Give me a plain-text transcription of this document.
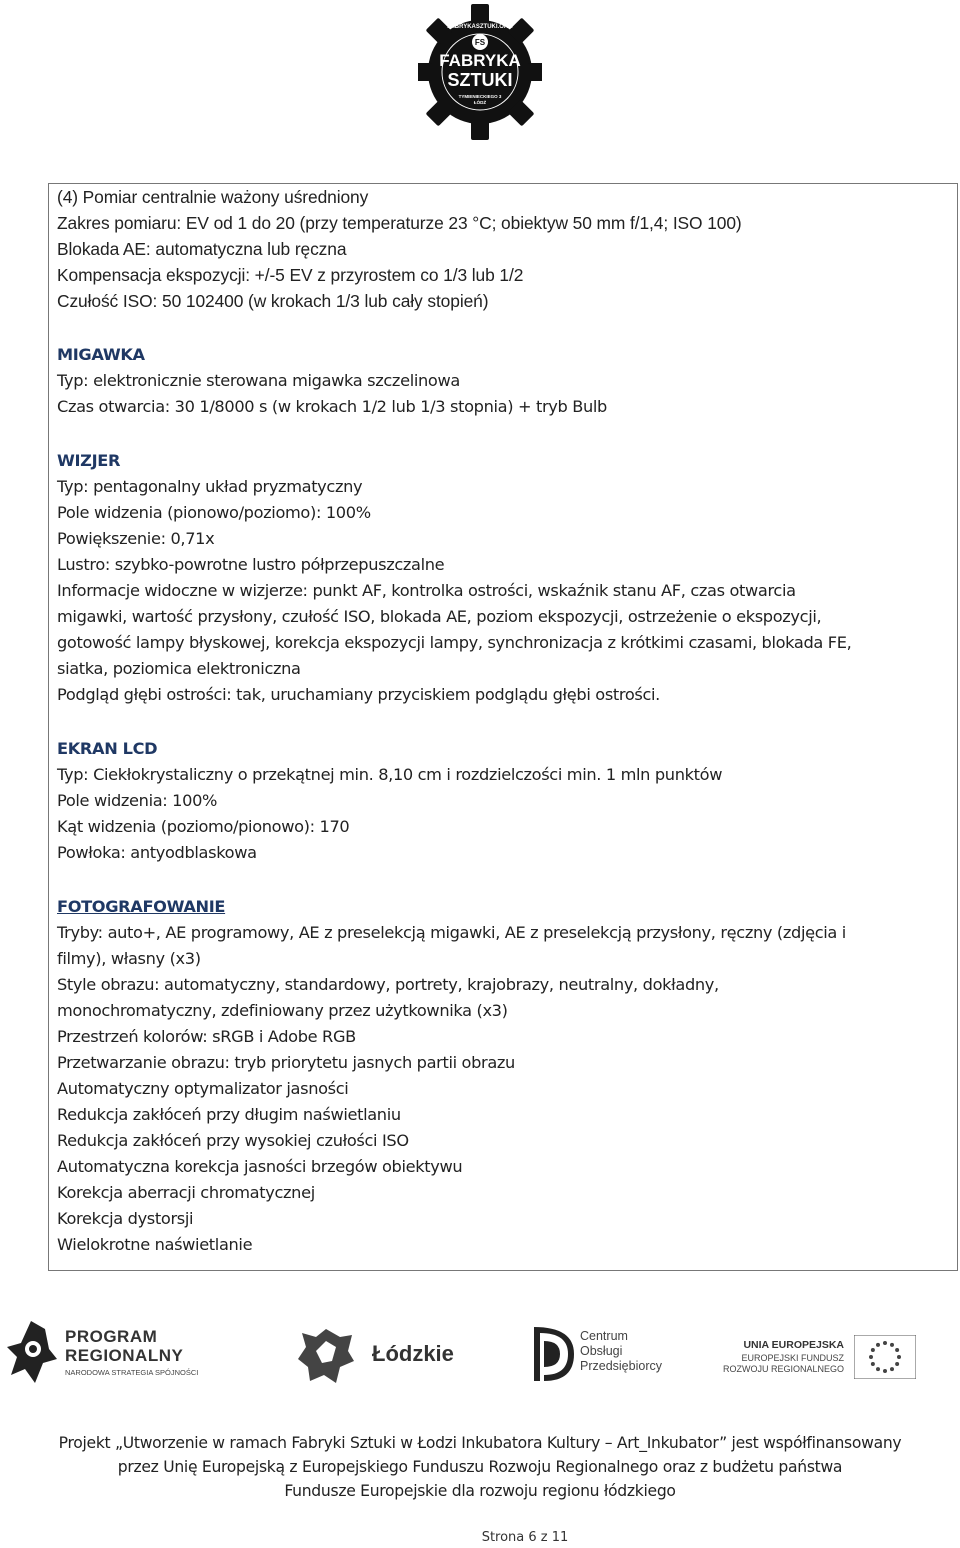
FS
FABRYKASZTUKI.ORG
FABRYKA
SZTUKI
TYMIENIECKIEGO 3
ŁÓDŹ
(4) Pomiar centralnie ważony uśredniony
Zakres pomiaru: EV od 1 do 20 (przy temperaturze 23 °C; obiektyw 50 mm f/1,4; ISO 100)
Blokada AE: automatyczna lub ręczna
Kompensacja ekspozycji: +/-5 EV z przyrostem co 1/3 lub 1/2
Czułość ISO: 50 102400 (w krokach 1/3 lub cały stopień)
MIGAWKA
Typ: elektronicznie sterowana migawka szczelinowa
Czas otwarcia: 30 1/8000 s (w krokach 1/2 lub 1/3 stopnia) + tryb Bulb
WIZJER
Typ: pentagonalny układ pryzmatyczny
Pole widzenia (pionowo/poziomo): 100%
Powiększenie: 0,71x
Lustro: szybko-powrotne lustro półprzepuszczalne
Informacje widoczne w wizjerze: punkt AF, kontrolka ostrości, wskaźnik stanu AF, czas otwarcia
migawki, wartość przysłony, czułość ISO, blokada AE, poziom ekspozycji, ostrzeżenie o ekspozycji,
gotowość lampy błyskowej, korekcja ekspozycji lampy, synchronizacja z krótkimi czasami, blokada FE,
siatka, poziomica elektroniczna
Podgląd głębi ostrości: tak, uruchamiany przyciskiem podglądu głębi ostrości.
EKRAN LCD
Typ: Ciekłokrystaliczny o przekątnej min. 8,10 cm i rozdzielczości min. 1 mln punktów
Pole widzenia: 100%
Kąt widzenia (poziomo/pionowo): 170
Powłoka: antyodblaskowa
FOTOGRAFOWANIE
Tryby: auto+, AE programowy, AE z preselekcją migawki, AE z preselekcją przysłony, ręczny (zdjęcia i
filmy), własny (x3)
Style obrazu: automatyczny, standardowy, portrety, krajobrazy, neutralny, dokładny,
monochromatyczny, zdefiniowany przez użytkownika (x3)
Przestrzeń kolorów: sRGB i Adobe RGB
Przetwarzanie obrazu: tryb priorytetu jasnych partii obrazu
Automatyczny optymalizator jasności
Redukcja zakłóceń przy długim naświetlaniu
Redukcja zakłóceń przy wysokiej czułości ISO
Automatyczna korekcja jasności brzegów obiektywu
Korekcja aberracji chromatycznej
Korekcja dystorsji
Wielokrotne naświetlanie
PROGRAM
REGIONALNY
NARODOWA STRATEGIA SPÓJNOŚCI
Łódzkie
Centrum
Obsługi
Przedsiębiorcy
UNIA EUROPEJSKA
EUROPEJSKI FUNDUSZ
ROZWOJU REGIONALNEGO
Projekt „Utworzenie w ramach Fabryki Sztuki w Łodzi Inkubatora Kultury – Art_Inkubator” jest współfinansowany
przez Unię Europejską z Europejskiego Funduszu Rozwoju Regionalnego oraz z budżetu państwa
Fundusze Europejskie dla rozwoju regionu łódzkiego
Strona 6 z 11
